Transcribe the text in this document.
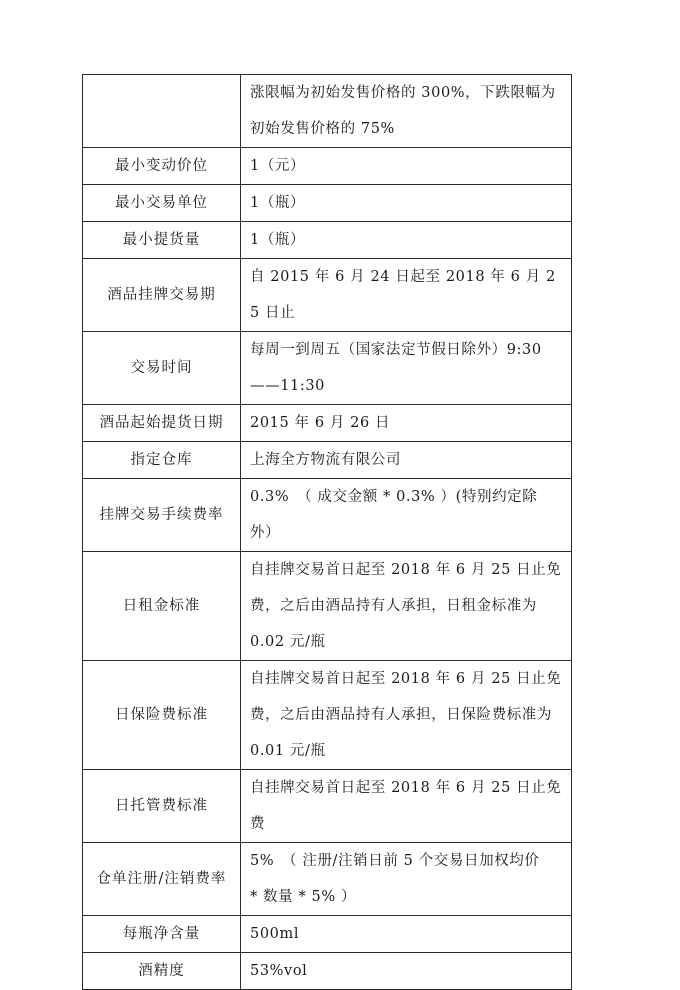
	涨限幅为初始发售价格的 300%，下跌限幅为
初始发售价格的 75%

最小变动价位	1（元）

最小交易单位	1（瓶）

最小提货量	1（瓶）

酒品挂牌交易期	自 2015 年 6 月 24 日起至 2018 年 6 月 25 日止

交易时间	每周一到周五（国家法定节假日除外）9:30
——11:30

酒品起始提货日期	2015 年 6 月 26 日

指定仓库	上海全方物流有限公司

挂牌交易手续费率	0.3%　（ 成交金额 * 0.3% ）(特别约定除
外）

日租金标准	自挂牌交易首日起至 2018 年 6 月 25 日止免
费，之后由酒品持有人承担，日租金标准为
0.02 元/瓶

日保险费标准	自挂牌交易首日起至 2018 年 6 月 25 日止免
费，之后由酒品持有人承担，日保险费标准为
0.01 元/瓶

日托管费标准	自挂牌交易首日起至 2018 年 6 月 25 日止免费

仓单注册/注销费率	5%　（ 注册/注销日前 5 个交易日加权均价
* 数量 * 5% ）

每瓶净含量	500ml

酒精度	53%vol
